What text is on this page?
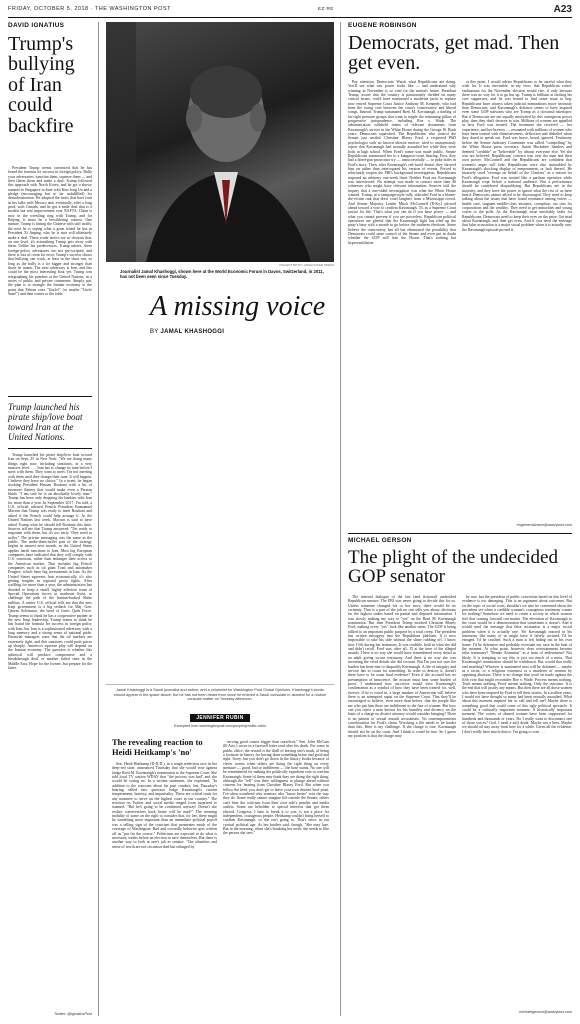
FRIDAY, OCTOBER 5, 2018 · THE WASHINGTON POST	EZ RE	A23
DAVID IGNATIUS
Trump's bullying of Iran could backfire

President Trump seems convinced that he has found the formula for success in foreign policy: Bully your adversaries, sanction them, squeeze them — and then flatter them and make a deal. Trump followed this approach with North Korea, and he got a showy summit in Singapore in June with Kim Jong Un and a pledge (encouraging but so far unfulfilled) for denuclearization. He adopted the tactic that bore fruit in his talks with Mexico and, eventually, after a long prod, with Canada, and he got a trade deal that is a modest but real improvement over NAFTA. China is now in the wrestling ring with Trump, and for Beijing, it must be a bewildering contest. One minute, Trump is hitting the Chinese with stiff tariffs; the next he is saying what a great friend he has in President Xi Jinping, who he is sure will ultimately make a deal. These crude tactics are so obvious that, on one level, it's astonishing Trump gets away with them. Unlike his predecessors, Trump adores, these foreign-policy adventures are not pre-scripted, and there is lots of room for error. Trump's success shows that bullying can work, at least in the short run, so long as the bully is a lot bigger and stronger than those he taunts. The next adversary is Iran, and this could be the most interesting bout yet. Trump was telegraphing his punches at the United Nations, in a series of public and private comments. Simply put, the plan is to strangle the Iranian economy to the point that Tehran cries "Uncle!" (or maybe "Uncle Sam!") and then comes to the table.

Trump launched his pirate ship/love boat toward Iran at the United Nations.

Trump launched his pirate ship/love boat toward Iran on Sept. 25 in New York: "We are doing many things right now, including sanctions, at a very massive level. . . . Iran has to change its tune before I meet with them. They want to meet. I'm not meeting with them until they change their tune. It will happen. I believe they have no choice." In a tweet, he began stroking President Hassan Rouhani with a bit of insincere flattery that would make even a Persian blush: "I am sure he is an absolutely lovely man." Trump has been only dropping his hankies with Iran for more than a year. In September 2017, I'm told, a U.S. official advised French President Emmanuel Macron that Trump was ready to meet Rouhani and asked if the French could help arrange it. At the United Nations last week, Macron is said to have asked Trump what he should tell Rouhani this time. Sources tell me that Trump answered: "I'm ready to negotiate with them, but it's too early. They need to suffer." The private messaging was the same as the public. The make-them-suffer part of the strategy begins in earnest next month, as the United States applies harsh sanctions to Iran. Most big European companies have indicated that they will comply with U.S. sanctions, rather than endanger their access to the American market. That includes big French companies such as oil giant Total and automaker Peugeot, which have big investments in Iran. As the United States squeezes Iran economically, it's also getting tougher in regional proxy fights. After waffling for more than a year, the administration has decided to keep a small, highly effective team of Special Operations forces in northeast Syria, to challenge the path of the Iranian-backed Shiite militias. A senior U.S. official tells me that the new Iraqi government is a big setback for Maj. Gen. Qasem Soleimani, the head of Iran's Quds Force. Trump seems to think he has a cooperative partner in the new Iraqi leadership. Trump seems to think he has found the formula for success in foreign policy with Iran, but Iran is a sophisticated adversary with a long memory and a strong sense of national pride. Financial managers warn that the oil markets are extremely tight, and that sanctions could push prices up sharply. America's squeeze play will depend on the Iranian economy. The question is whether this spherical will produce compromise and a breakthrough deal, or another failed state in the Middle East. Hope for the former, but prepare for the latter.

Twitter: @IgnatiusPost
VINCENT BOYD / ASSOCIATED PRESS
Journalist Jamal Khashoggi, shown here at the World Economic Forum in Davos, Switzerland, in 2011, has not been seen since Tuesday.
A missing voice
BY JAMAL KHASHOGGI
Jamal Khashoggi is a Saudi journalist and author, and a columnist for Washington Post Global Opinions. Khashoggi's words should appear in the space above, but he has not been heard from since he entered a Saudi consulate in Istanbul for a routine consular matter on Tuesday afternoon.
JENNIFER RUBIN
Excerpted from washingtonpost.com/people/jennifer-rubin
The revealing reaction to Heidi Heitkamp's 'no'

Sen. Heidi Heitkamp (D-N.D.), in a tough reelection race in her deep-red state, announced Thursday that she would vote against Judge Brett M. Kavanaugh's nomination to the Supreme Court. She told local TV station WDAY that "the process was bad" and she would be voting no. In a written statement, she explained, "In addition to the concerns about his past conduct, last Thursday's hearing called into question Judge Kavanaugh's current temperament, honesty, and impartiality. These are critical traits for any nominee to serve on the highest court in our country." The reaction on Twitter and social media ranged from surprised to stunned. "But he's going to be confirmed anyway! Doesn't she realize conservatives back home will be mad?" The seeming inability of some on the right to consider that, for her, there might be something more important than an immediate political payoff was a telling sign of the cynicism that permeates much of the coverage of Washington. Bad and cowardly behavior gets written off as "par for the course." Politicians are expected to do what is necessary weeks before an election to save themselves. But there is another way to look at one's job as senator. "Our identities and sense of worth are not circumscribed but enlarged by

serving good causes bigger than ourselves," Sen. John McCain (R-Ariz.) wrote in a farewell letter read after his death. For some in public office, the reward is the thrill of leaving one's mark, of being a footnote in history for having done something brave and good and right. Sorry, but you don't go down in the history books because of clever tweets when others are doing the right thing on every measure — good, bad or indifferent — the base wants. No one will be remembered for making the politically expedient vote to confirm Kavanaugh. Some of them may think they are doing the right thing, although the "tell" was their willingness to plunge ahead without concern for hearing from Christine Blasey Ford. But when you follow the herd, you don't get to leave your own distinct hoof print. I've often wondered why senators who "know better" vote the way they do. Some really cannot imagine life outside the Senate; others can't bear the criticism from their own side's pundits and media outlets. Some are beholden to special interests that got them elected. Congress, I hate to break it to you, is not a place for independent, courageous people. Heitkamp couldn't bring herself to confirm Kavanaugh, so she isn't going to. That's news in our cynical political age. As her brother said, though, "She may lose. But in the morning, when she's brushing her teeth, she needs to like the person she sees."

EUGENE ROBINSON
Democrats, get mad. Then get even.

Pay attention, Democrats. Watch what Republicans are doing. You'll see what raw power looks like — and understand why winning in November is so vital for the nation's future. President Trump, aware that the country is passionately divided on many critical issues, could have nominated a moderate jurist to replace now retired Supreme Court Justice Anthony M. Kennedy, who had been the swing vote between the court's conservative and liberal wings. Instead, Trump nominated Brett M. Kavanaugh, a darling of far-right pressure groups that want to topple the remaining pillars of progressive jurisprudence, including Roe v. Wade. The administration withheld reams of relevant documents from Kavanaugh's service in the White House during the George W. Bush years. Democrats squawked. The Republicans who control the Senate just smiled. Christine Blasey Ford, a respected PhD psychologist with no known ulterior motive, tried to anonymously report that Kavanaugh had sexually assaulted her while they were both in high school. When Ford's name was made public, Senate Republicans summoned her to a kangaroo-court hearing. First, they had a hired-gun prosecutor try — unsuccessfully — to poke holes in Ford's story. Then, after Kavanaugh's red-faced denial, they showed him on rather than interrogated his version of events. Forced to reluctantly reopen the FBI's background investigation, Republicans imposed an arbitrary one-week limit. Neither Ford nor Kavanaugh was interviewed. No attempt was made to contact more than 40 witnesses who might have relevant information. Sources told the inquiry that a one-sided investigation was what the White House wanted. Trump, at a campaign-style rally, ridiculed Ford in a blame-the-victim rant that drew cruel laughter from a Mississippi crowd. And Senate Majority Leader Mitch McConnell (R-Ky.) plowed ahead toward a vote to confirm Kavanaugh, 53, as a Supreme Court justice for life. That's what you can do if you have power — and what you cannot prevent if you are powerless. Republican political operatives are gleeful that the Kavanaugh fight has riled up the party's base with a month to go before the midterm elections. Some believe the controversy has all but eliminated the possibility that Democrats could seize control of the Senate and even put in doubt whether the GOP will lose the House. That's nothing but hyperventilation

at this point. I would advise Republicans to be careful what they wish for. It was inevitable, in my view, that Republican voters' enthusiasm for the November election would rise, if only because there was no way for it to go but up. Trump is brilliant at inciting his core supporters, and he was bound to find some issue to beg. Republicans have always taken judicial nominations more seriously than Democrats, and Kavanaugh's defiance seems to have inspired even some GOP stalwarts who see Trump as a clownish interloper. But if Democrats are not equally motivated by this outrageous power play, then they don't deserve to win. Millions of women are appalled at how Ford was treated. The treatment she received — her experience, and her bravery — resonated with millions of women who have been treated with dismissiveness, deflection and disbelief when they dared to speak out. Ford was brave, heard, ignored. Testimony before the Senate Judiciary Committee was called "compelling" by the White House press secretary. Sarah Huckabee Sanders and deemed "credible" or "believable" by almost everyone else. Yet she was not believed. Republicans' concern was over the man and their own power. McConnell and the Republicans are confident that women's anger will fade. Republicans were also untroubled by Kavanaugh's shocking display of temperament, or lack thereof. He bizarrely cited "revenge on behalf of the Clintons" as a reason for Ford's allegation. Ford was treated like a partisan operative while Kavanaugh wept before a national audience. But a performance should be considered disqualifying. But Republicans are in the majority, and they have the power to ignore what the rest of us have heard. Democrats cannot afford to be discouraged. They need to keep talking about the issues that have found resonance among voters — health care, stagnant middle-class incomes, corruption, tax cuts for corporations and the wealthy. They need to get minorities and young voters to the polls. As the Kavanaugh issue inevitably fades for Republicans, Democrats need to keep their eyes on the prize. Get mad about Kavanaugh, and then get even. And if you need the message that false accusation is a major social problem when it is actually rare, the Kavanaugh episode proved it.

eugenerobinson@washpost.com
MICHAEL GERSON
The plight of the undecided GOP senator

The internal dialogue of the last (and fictional) undecided Republican senator: The FBI was never going to decide this for us. Unless someone changed his or her story, there would be no certainty. That is a part of the job no one tells you about: decisions for the highest stakes based on partial and disputed information. I was slowly making my way to "yes" on the Brett M. Kavanaugh nomination. But then President Trump mocked Christine Blasey Ford, making every "yes" look like another sneer. The GOP is being rallied to an important public purpose by a total creep. The president has written misogyny into the Republican platform. It is now impossible to take his side without the slime rubbing off. I know how I felt during her testimony. It was credible, both in what she did and didn't recall. Ford was, after all, 15 at the time of the alleged assault. There is no way she would have remembered every detail as an adult giving sworn testimony. And there is no way she was inventing the vivid details she did recount. But I'm just not sure the burden has been met to disqualify Kavanaugh. A life of integrity and service has to count for something. In order to destroy it, doesn't there have to be some hard evidence? Even if the accused has no presumption of innocence, the accuser must bear some burden of proof. I understand how survivors would view Kavanaugh's confirmation as a symbol of how they have been treated for, well, forever. If he is voted in, a large number of Americans will believe there is an attempted rapist on the Supreme Court. That they'll be encouraged to believe, even more than before, that the people like me who put him there are indifferent to the fate of women. But how can you reject a man known for his humility and decency on the basis of a charge no district attorney would consider bringing? There is no pattern of sexual assault accusations. No contemporaneous corroboration for Ford's claim. Wrecking a life needs to be harder than this. Here is my challenge. If the charge is true, Kavanaugh should not be on the court. And I think it could be true. So I guess my position is that the charge may

be true, but the president of public conviction based on this level of evidence is too damaging. This is an argument about outcomes. But on the topic of social costs, shouldn't we also be concerned about the precedent set when a credible woman's courageous testimony counts for nothing? Somehow we need to create a society in which women feel that coming forward can matter. The elevation of Kavanaugh to the court would be a demonstration that sometimes it doesn't. And it would send the message that false accusation is a major social problem when it is actually rare. Yet Kavanaugh reacted in his testimony like many of us might have if falsely accused. I'd be enraged. I'd be crushed. Such a man is left hiding out in his own home. I'd be defensive and probably overstate my case in the heat of the moment. At what point, however, does overstatement become false testimony? "Renate Alumnius" as a term of endearment? Not likely. It is tempting to say this is just too much of a mess. That Kavanaugh's nomination should be withdrawn. But would that really end anything? Whoever is nominated next will be defamed — maybe as a racist, or a religious extremist or a murderer of women by opposing abortion. There is no change that won't be made against the fifth vote that might reconsider Roe v. Wade. Process means nothing. Truth means nothing. Proof means nothing. Only the outcome. It is the end that will justify any means. But then there are all those women who have been inspired by Ford to tell their stories. In a million years, I would not have thought so many had been sexually assaulted. What about this moment inspired her to call and tell me? Maybe there is something good that could come of this ugly political spectacle. It could be a culturally important moment. A historically important moment. The voices of abused women have been suppressed for hundreds and thousands of years. Do I really want to disconnect one of those voices? God, I need a stiff drink. Maybe not a beer. Maybe we should all stay away from beer for a while. Given all the evidence, I don't really have much choice. I'm going to vote . . .

michaelgerson@washpost.com
